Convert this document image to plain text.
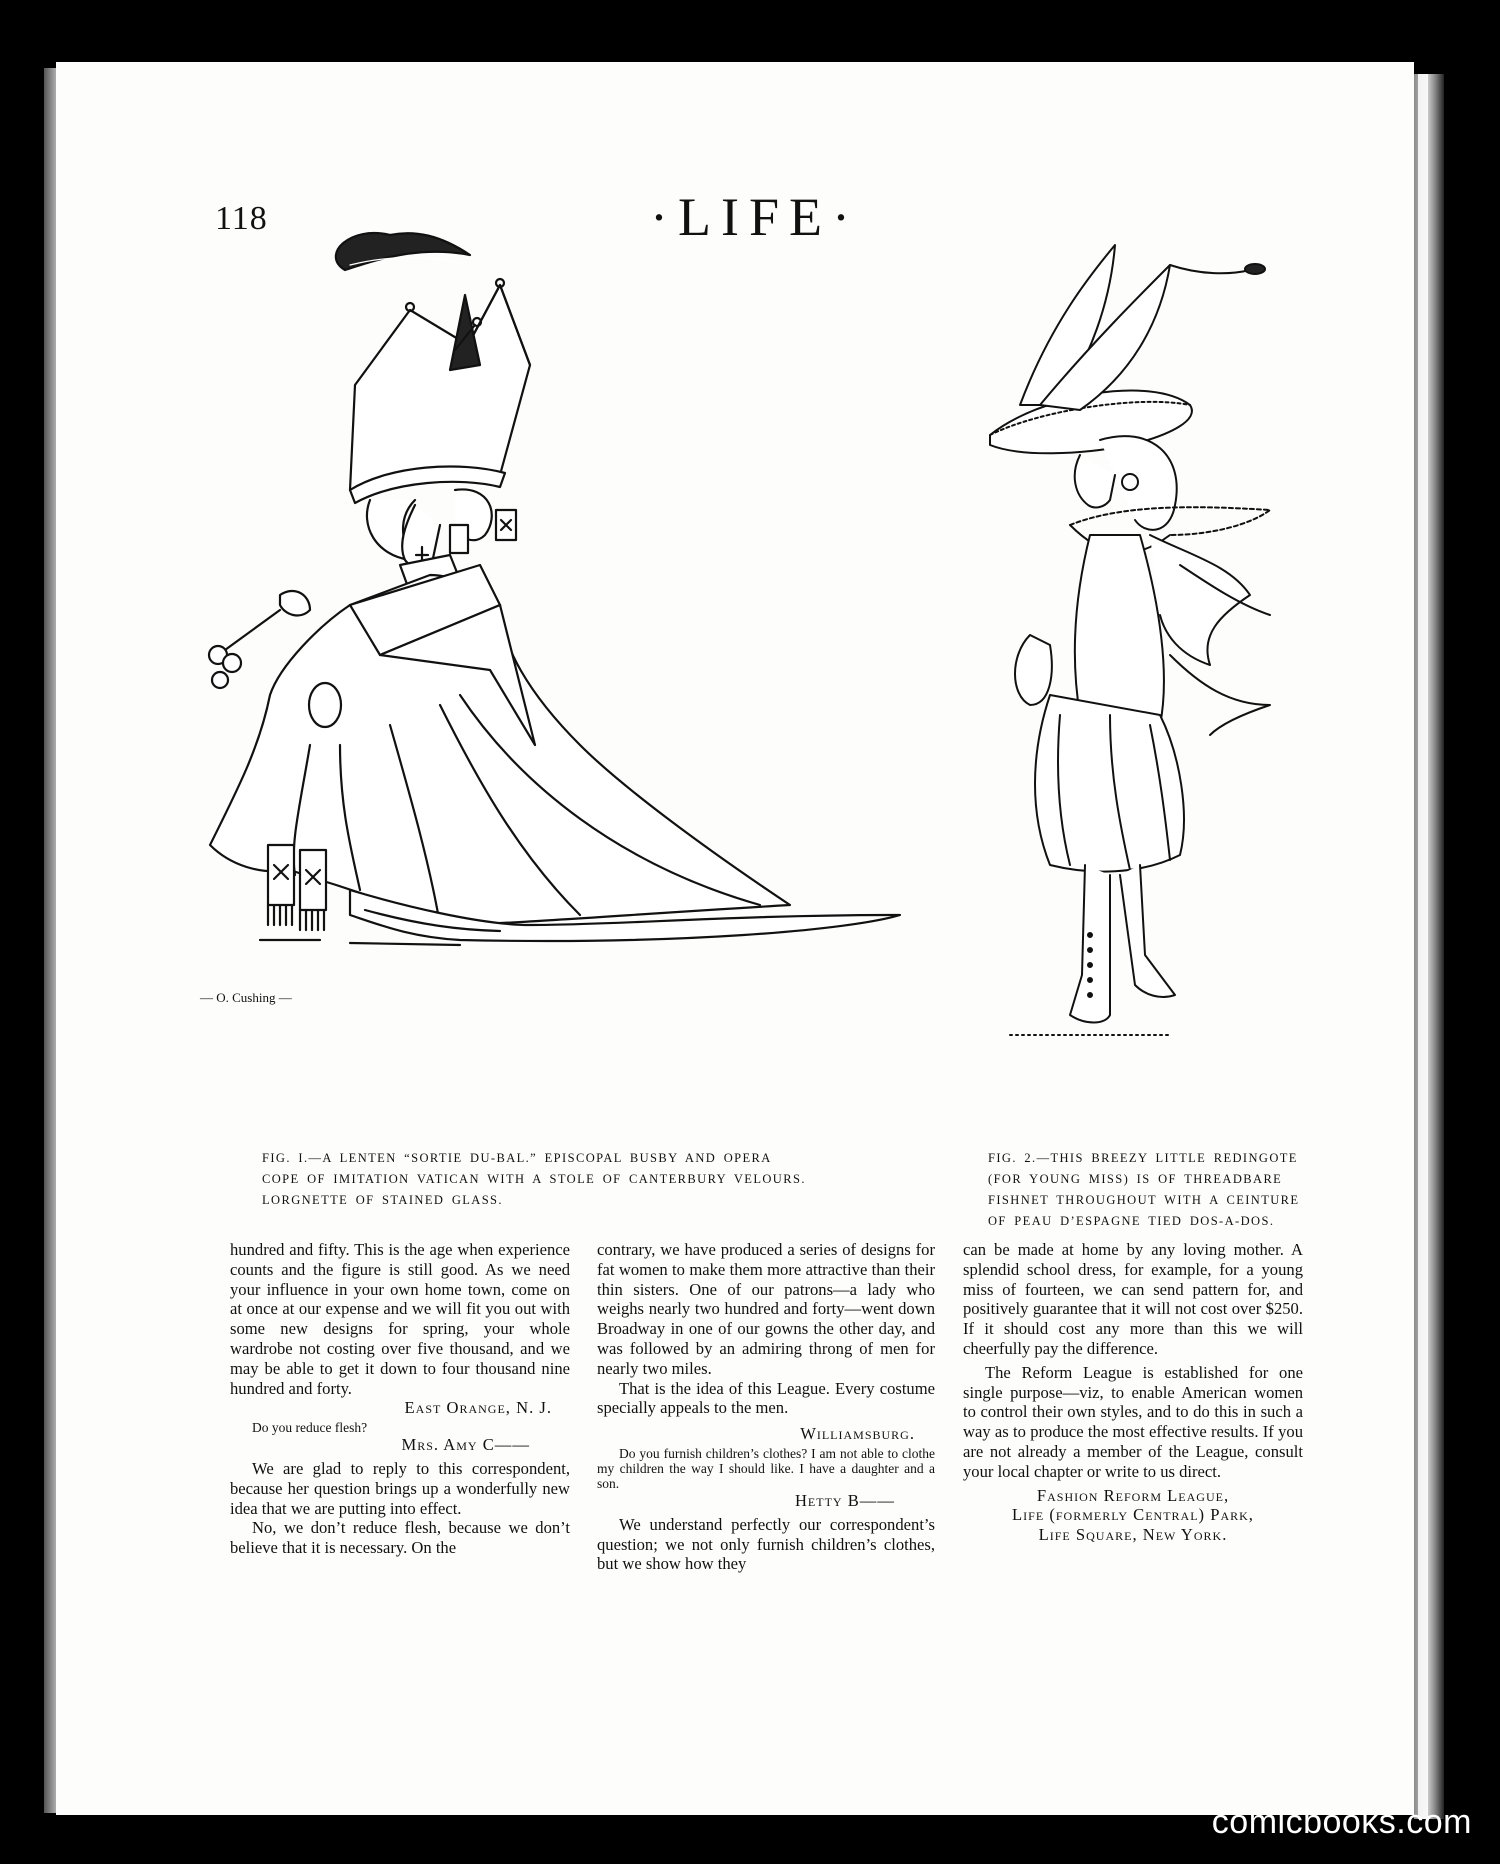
118	·LIFE·
— O. Cushing —
FIG. I.—A LENTEN “SORTIE DU-BAL.” EPISCOPAL BUSBY AND OPERA
COPE OF IMITATION VATICAN WITH A STOLE OF CANTERBURY VELOURS.
LORGNETTE OF STAINED GLASS.
FIG. 2.—THIS BREEZY LITTLE REDINGOTE
(FOR YOUNG MISS) IS OF THREADBARE
FISHNET THROUGHOUT WITH A CEINTURE
OF PEAU D’ESPAGNE TIED DOS-A-DOS.

hundred and fifty. This is the age when experience counts and the figure is still good. As we need your influence in your own home town, come on at once at our expense and we will fit you out with some new designs for spring, your whole wardrobe not costing over five thousand, and we may be able to get it down to four thousand nine hundred and forty.

East Orange, N. J.

Do you reduce flesh?

Mrs. Amy C——

We are glad to reply to this correspondent, because her question brings up a wonderfully new idea that we are putting into effect.

No, we don’t reduce flesh, because we don’t believe that it is necessary. On the

contrary, we have produced a series of designs for fat women to make them more attractive than their thin sisters. One of our patrons—a lady who weighs nearly two hundred and forty—went down Broadway in one of our gowns the other day, and was followed by an admiring throng of men for nearly two miles.

That is the idea of this League. Every costume specially appeals to the men.

Williamsburg.

Do you furnish children’s clothes? I am not able to clothe my children the way I should like. I have a daughter and a son.

Hetty B——

We understand perfectly our correspondent’s question; we not only furnish children’s clothes, but we show how they

can be made at home by any loving mother. A splendid school dress, for example, for a young miss of fourteen, we can send pattern for, and positively guarantee that it will not cost over $250. If it should cost any more than this we will cheerfully pay the difference.

The Reform League is established for one single purpose—viz, to enable American women to control their own styles, and to do this in such a way as to produce the most effective results. If you are not already a member of the League, consult your local chapter or write to us direct.

Fashion Reform League,

Life (formerly Central) Park,

Life Square, New York.

comicbooks.com
